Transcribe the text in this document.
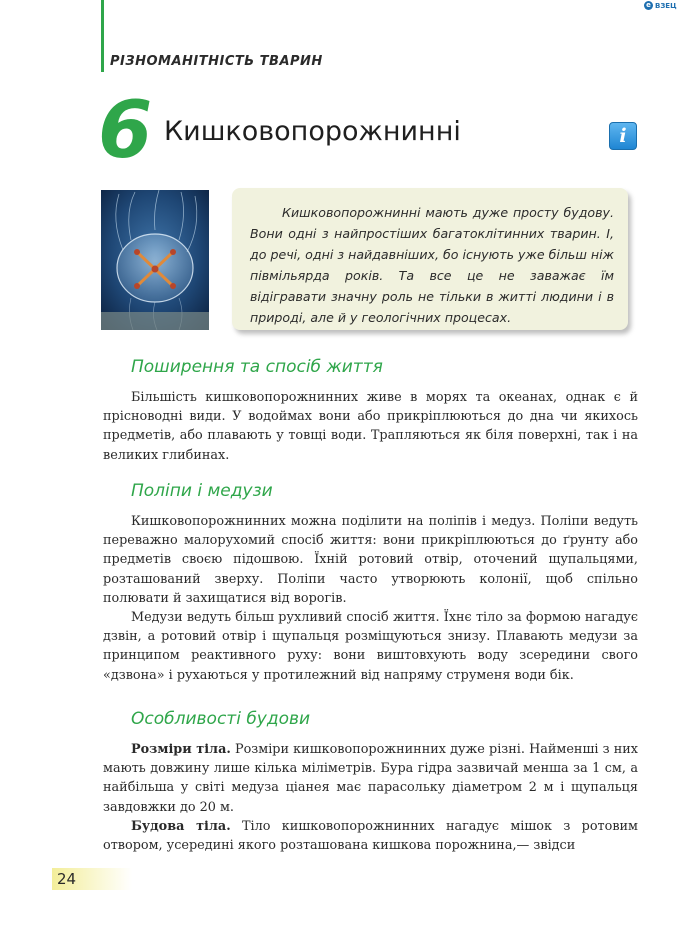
РІЗНОМАНІТНІСТЬ ТВАРИН
e ВЗЕЦ
6 Кишковопорожнинні	i

Кишковопорожнинні мають дуже просту будову. Вони одні з найпростіших багатоклітинних тварин. І, до речі, одні з найдавніших, бо існують уже більш ніж півмільярда років. Та все це не заважає їм відігравати значну роль не тільки в житті людини і в природі, але й у геологічних процесах.

Поширення та спосіб життя

Більшість кишковопорожнинних живе в морях та океанах, однак є й прісноводні види. У водоймах вони або прикріплюються до дна чи якихось предметів, або плавають у товщі води. Трапляються як біля поверхні, так і на великих глибинах.

Поліпи і медузи

Кишковопорожнинних можна поділити на поліпів і медуз. Поліпи ведуть переважно малорухомий спосіб життя: вони прикріплюються до ґрунту або предметів своєю підошвою. Їхній ротовий отвір, оточений щупальцями, розташований зверху. Поліпи часто утворюють колонії, щоб спільно полювати й захищатися від ворогів.

Медузи ведуть більш рухливий спосіб життя. Їхнє тіло за формою нагадує дзвін, а ротовий отвір і щупальця розміщуються знизу. Плавають медузи за принципом реактивного руху: вони виштовхують воду зсередини свого «дзвона» і рухаються у протилежний від напряму струменя води бік.

Особливості будови

Розміри тіла. Розміри кишковопорожнинних дуже різні. Найменші з них мають довжину лише кілька міліметрів. Бура гідра зазвичай менша за 1 см, а найбільша у світі медуза ціанея має парасольку діаметром 2 м і щупальця завдовжки до 20 м.

Будова тіла. Тіло кишковопорожнинних нагадує мішок з ротовим отвором, усередині якого розташована кишкова порожнина,— звідси

24
